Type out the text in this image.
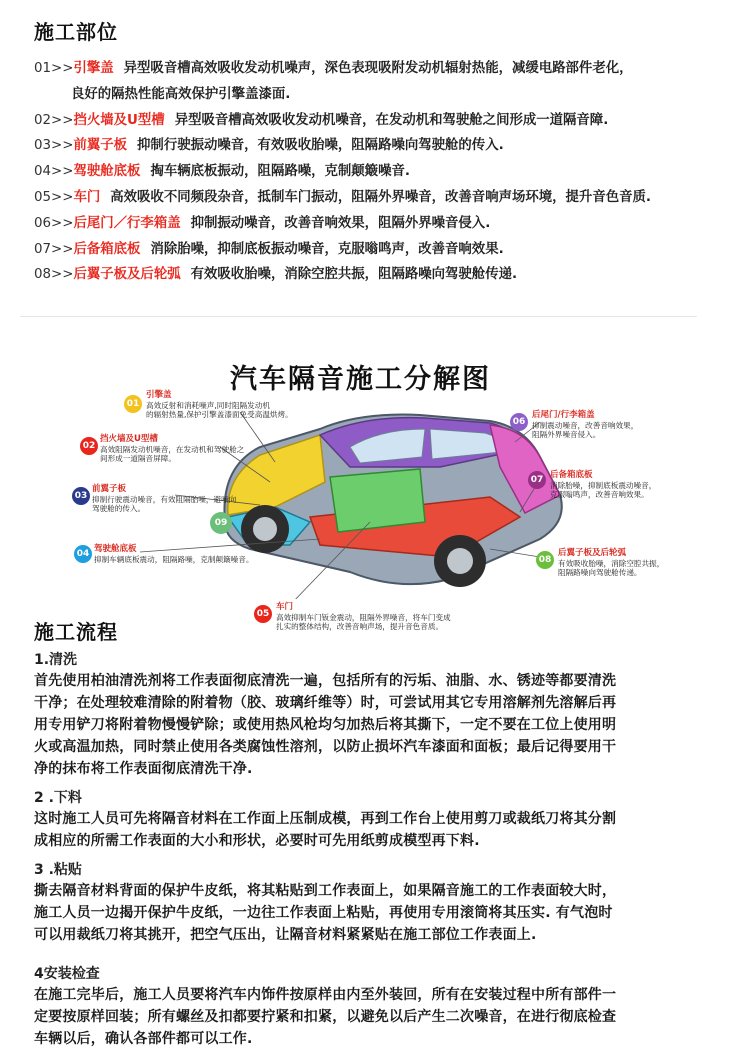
施工部位
01>>引擎盖 异型吸音槽高效吸收发动机噪声，深色表现吸附发动机辐射热能，减缓电路部件老化，
良好的隔热性能高效保护引擎盖漆面.
02>>挡火墙及U型槽 异型吸音槽高效吸收发动机噪音，在发动机和驾驶舱之间形成一道隔音障.
03>>前翼子板 抑制行驶振动噪音，有效吸收胎噪，阻隔路噪向驾驶舱的传入.
04>>驾驶舱底板 掏车辆底板振动，阻隔路噪，克制颠簸噪音.
05>>车门 高效吸收不同频段杂音，抵制车门振动，阻隔外界噪音，改善音响声场环境，提升音色音质.
06>>后尾门／行李箱盖 抑制振动噪音，改善音响效果，阻隔外界噪音侵入.
07>>后备箱底板 消除胎噪，抑制底板振动噪音，克服嗡鸣声，改善音响效果.
08>>后翼子板及后轮弧 有效吸收胎噪，消除空腔共振，阻隔路噪向驾驶舱传递.
汽车隔音施工分解图
01
引擎盖
高效反射和消耗噪声,同时阻隔发动机
的辐射热量,保护引擎盖漆面免受高温烘烤。
02
挡火墙及U型槽
高效阻隔发动机噪音，在发动机和驾驶舱之
间形成一道隔音屏障。
03
前翼子板
抑制行驶震动噪音，有效阻隔胎噪，避噪向
驾驶舱的传入。
04 驾驶舱底板
抑制车辆底板震动，阻隔路噪，克制颠簸噪音。
05
车门
高效抑制车门钣金震动，阻隔外界噪音，将车门变成
扎实的整体结构，改善音响声场，提升音色音质。
06
后尾门/行李箱盖
抑制震动噪音，改善音响效果，
阻隔外界噪音侵入。
07 后备箱底板
消除胎噪，抑制底板震动噪音，
克服嗡鸣声，改善音响效果。
08
后翼子板及后轮弧
有效吸收胎噪，消除空腔共振，
阻隔路噪向驾驶舱传递。
09
施工流程

1.清洗

首先使用柏油清洗剂将工作表面彻底清洗一遍，包括所有的污垢、油脂、水、锈迹等都要清洗

干净；在处理较难清除的附着物（胶、玻璃纤维等）时，可尝试用其它专用溶解剂先溶解后再

用专用铲刀将附着物慢慢铲除；或使用热风枪均匀加热后将其撕下，一定不要在工位上使用明

火或高温加热，同时禁止使用各类腐蚀性溶剂，以防止损坏汽车漆面和面板；最后记得要用干

净的抹布将工作表面彻底清洗干净.

2 .下料

这时施工人员可先将隔音材料在工作面上压制成模，再到工作台上使用剪刀或裁纸刀将其分割

成相应的所需工作表面的大小和形状，必要时可先用纸剪成模型再下料.

3 .粘贴

撕去隔音材料背面的保护牛皮纸，将其粘贴到工作表面上，如果隔音施工的工作表面较大时，

施工人员一边揭开保护牛皮纸，一边往工作表面上粘贴，再使用专用滚筒将其压实. 有气泡时

可以用裁纸刀将其挑开，把空气压出，让隔音材料紧紧贴在施工部位工作表面上.

4安装检查

在施工完毕后，施工人员要将汽车内饰件按原样由内至外装回，所有在安装过程中所有部件一

定要按原样回装；所有螺丝及扣都要拧紧和扣紧，以避免以后产生二次噪音，在进行彻底检查

车辆以后，确认各部件都可以工作.
